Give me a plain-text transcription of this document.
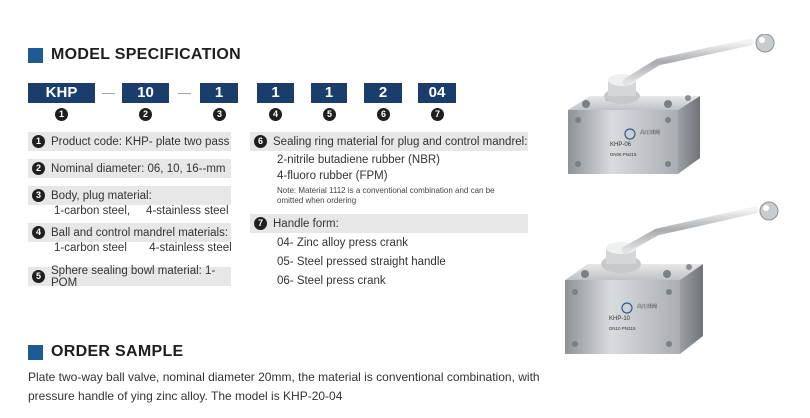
MODEL SPECIFICATION
KHP	—	10	—	1	1	1	2	04
1	2	3	4	5	6	7
1 Product code: KHP- plate two pass
2 Nominal diameter: 06, 10, 16--mm
3 Body, plug material:
1-carbon steel,     4-stainless steel
4 Ball and control mandrel materials:
1-carbon steel       4-stainless steel
5 Sphere sealing bowl material: 1-POM
6 Sealing ring material for plug and control mandrel:
2-nitrile butadiene rubber (NBR)
4-fluoro rubber (FPM)
Note: Material 1112 is a conventional combination and can be omitted when ordering
7 Handle form:
04- Zinc alloy press crank
05- Steel pressed straight handle
06- Steel press crank
ORDER SAMPLE
Plate two-way ball valve, nominal diameter 20mm, the material is conventional combination, with pressure handle of ying zinc alloy. The model is KHP-20-04
高压球阀
KHP-06
DN06 PN315
高压球阀
KHP-10
DN10 PN315
